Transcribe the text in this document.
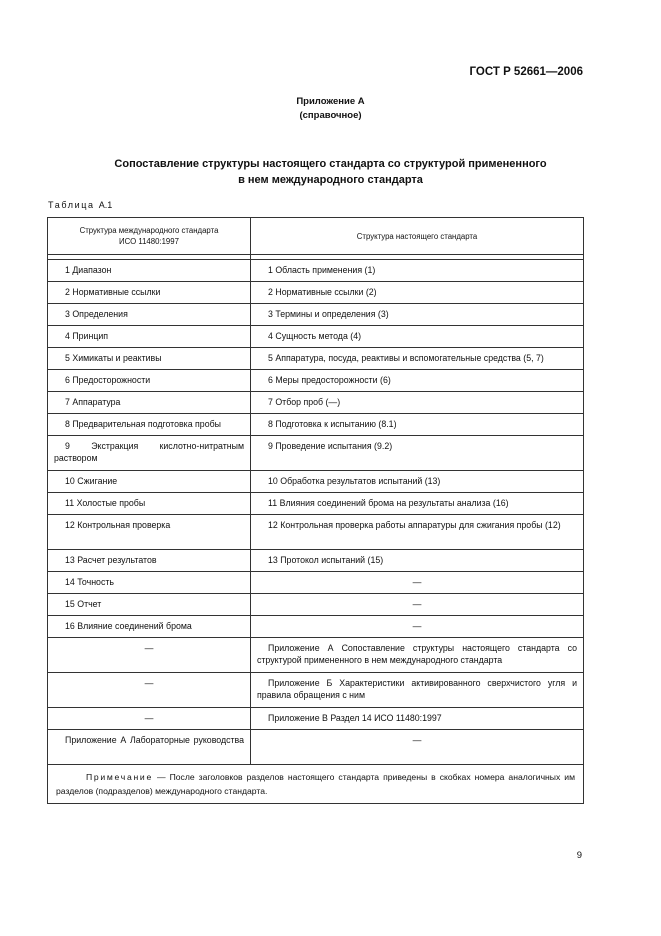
ГОСТ Р 52661—2006
Приложение А
(справочное)
Сопоставление структуры настоящего стандарта со структурой примененного
в нем международного стандарта
Таблица А.1
Структура международного стандарта
ИСО 11480:1997	Структура настоящего стандарта

1 Диапазон	1 Область применения (1)
2 Нормативные ссылки	2 Нормативные ссылки (2)
3 Определения	3 Термины и определения (3)
4 Принцип	4 Сущность метода (4)
5 Химикаты и реактивы	5 Аппаратура, посуда, реактивы и вспомогательные средства (5, 7)
6 Предосторожности	6 Меры предосторожности (6)
7 Аппаратура	7 Отбор проб (—)
8 Предварительная подготовка пробы	8 Подготовка к испытанию (8.1)
9 Экстракция кислотно-нитратным раствором	9 Проведение испытания (9.2)
10 Сжигание	10 Обработка результатов испытаний (13)
11 Холостые пробы	11 Влияния соединений брома на результаты анализа (16)
12 Контрольная проверка	12 Контрольная проверка работы аппаратуры для сжигания пробы (12)
13 Расчет результатов	13 Протокол испытаний (15)
14 Точность	—
15 Отчет	—
16 Влияние соединений брома	—
—	Приложение А Сопоставление структуры настоящего стандарта со структурой примененного в нем международного стандарта
—	Приложение Б Характеристики активированного сверхчистого угля и правила обращения с ним
—	Приложение В Раздел 14 ИСО 11480:1997
Приложение А Лабораторные руководства	—
Примечание — После заголовков разделов настоящего стандарта приведены в скобках номера аналогичных им разделов (подразделов) международного стандарта.	
9
